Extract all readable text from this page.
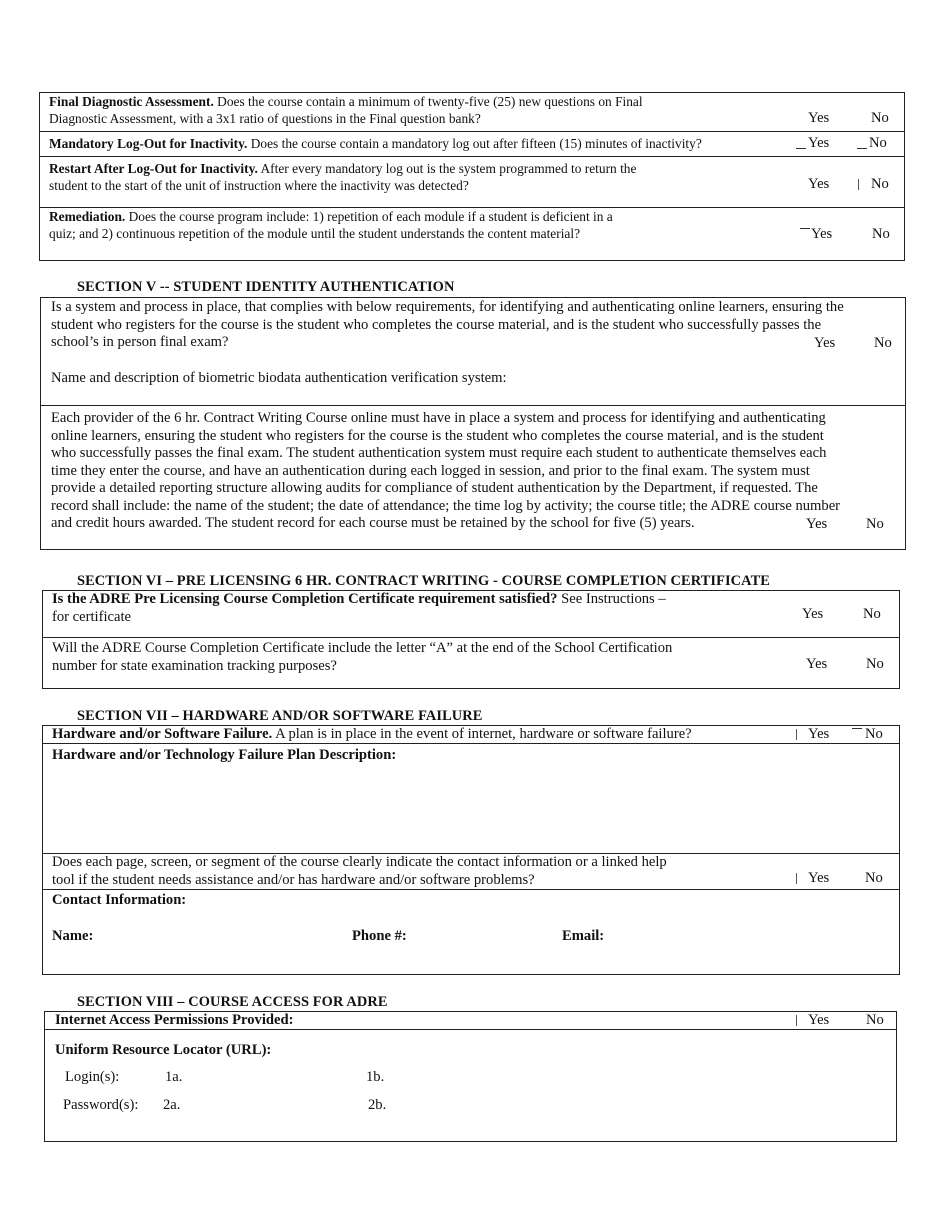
Final Diagnostic Assessment. Does the course contain a minimum of twenty-five (25) new questions on Final
Diagnostic Assessment, with a 3x1 ratio of questions in the Final question bank?	Yes	No
Mandatory Log-Out for Inactivity. Does the course contain a mandatory log out after fifteen (15) minutes of inactivity?	Yes	No
Restart After Log-Out for Inactivity. After every mandatory log out is the system programmed to return the
student to the start of the unit of instruction where the inactivity was detected?	Yes	No
Remediation. Does the course program include: 1) repetition of each module if a student is deficient in a
quiz; and 2) continuous repetition of the module until the student understands the content material?	Yes	No
SECTION V -- STUDENT IDENTITY AUTHENTICATION
Is a system and process in place, that complies with below requirements, for identifying and authenticating online learners, ensuring the
student who registers for the course is the student who completes the course material, and is the student who successfully passes the
school’s in person final exam?	Yes	No
Name and description of biometric biodata authentication verification system:
Each provider of the 6 hr. Contract Writing Course online must have in place a system and process for identifying and authenticating
online learners, ensuring the student who registers for the course is the student who completes the course material, and is the student
who successfully passes the final exam. The student authentication system must require each student to authenticate themselves each
time they enter the course, and have an authentication during each logged in session, and prior to the final exam. The system must
provide a detailed reporting structure allowing audits for compliance of student authentication by the Department, if requested. The
record shall include: the name of the student; the date of attendance; the time log by activity; the course title; the ADRE course number
and credit hours awarded. The student record for each course must be retained by the school for five (5) years.	Yes	No
SECTION VI – PRE LICENSING 6 HR. CONTRACT WRITING - COURSE COMPLETION CERTIFICATE
Is the ADRE Pre Licensing Course Completion Certificate requirement satisfied? See Instructions –
for certificate	Yes	No
Will the ADRE Course Completion Certificate include the letter “A” at the end of the School Certification
number for state examination tracking purposes?	Yes	No
SECTION VII – HARDWARE AND/OR SOFTWARE FAILURE
Hardware and/or Software Failure. A plan is in place in the event of internet, hardware or software failure?	Yes No
Hardware and/or Technology Failure Plan Description:
Does each page, screen, or segment of the course clearly indicate the contact information or a linked help
tool if the student needs assistance and/or has hardware and/or software problems?	Yes No
Contact Information:
Name:	Phone #:	Email:
SECTION VIII – COURSE ACCESS FOR ADRE
Internet Access Permissions Provided:	Yes	No
Uniform Resource Locator (URL):
Login(s):	1a.	1b.
Password(s): 2a.	2b.
